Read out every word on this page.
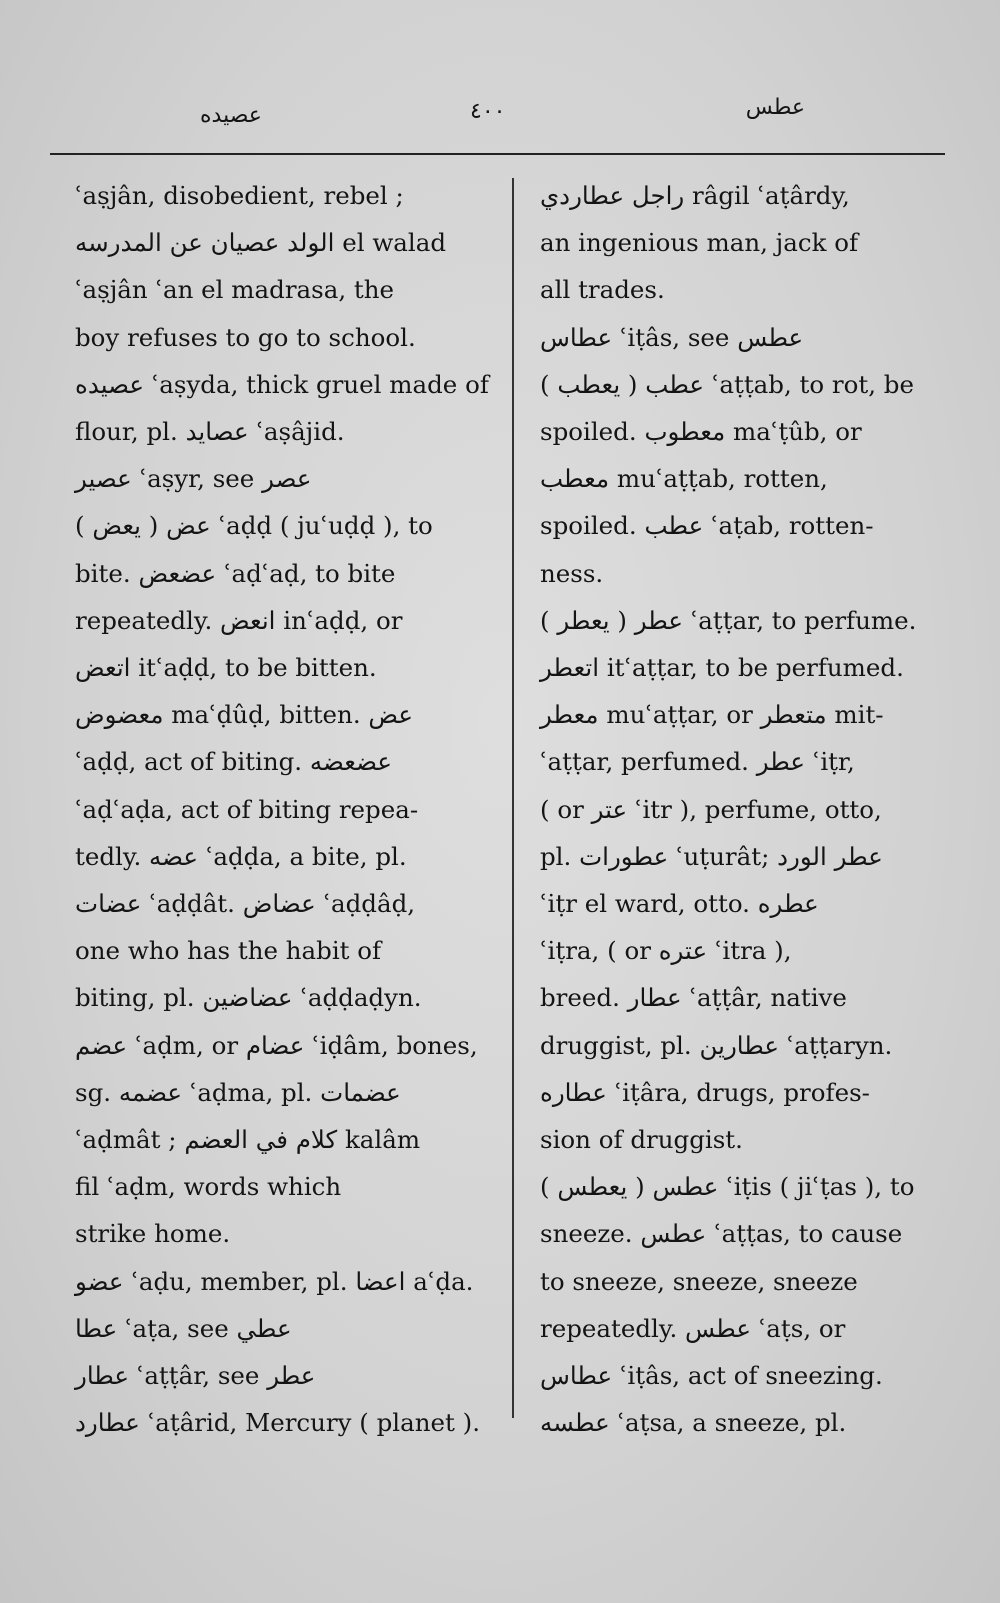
عصيده	٤٠٠	عطس
ʿaṣjân, disobedient, rebel ;
الولد عصيان عن المدرسه el walad
ʿaṣjân ʿan el madrasa, the
boy refuses to go to school.
عصيده ʿaṣyda, thick gruel made of
flour, pl. عصايد ʿaṣâjid.
عصير ʿaṣyr, see عصر
عض ( يعض ) ʿaḍḍ ( juʿuḍḍ ), to
bite. عضعض ʿaḍʿaḍ, to bite
repeatedly. انعض inʿaḍḍ, or
اتعض itʿaḍḍ, to be bitten.
معضوض maʿḍûḍ, bitten. عض
ʿaḍḍ, act of biting. عضعضه
ʿaḍʿaḍa, act of biting repea-
tedly. عضه ʿaḍḍa, a bite, pl.
عضات ʿaḍḍât. عضاض ʿaḍḍâḍ,
one who has the habit of
biting, pl. عضاضين ʿaḍḍaḍyn.
عضم ʿaḍm, or عضام ʿiḍâm, bones,
sg. عضمه ʿaḍma, pl. عضمات
ʿaḍmât ; كلام في العضم kalâm
fil ʿaḍm, words which
strike home.
عضو ʿaḍu, member, pl. اعضا aʿḍa.
عطا ʿaṭa, see عطي
عطار ʿaṭṭâr, see عطر
عطارد ʿaṭârid, Mercury ( planet ).
راجل عطاردي râgil ʿaṭârdy,
an ingenious man, jack of
all trades.
عطاس ʿiṭâs, see عطس
عطب ( يعطب ) ʿaṭṭab, to rot, be
spoiled. معطوب maʿṭûb, or
معطب muʿaṭṭab, rotten,
spoiled. عطب ʿaṭab, rotten-
ness.
عطر ( يعطر ) ʿaṭṭar, to perfume.
اتعطر itʿaṭṭar, to be perfumed.
معطر muʿaṭṭar, or متعطر mit-
ʿaṭṭar, perfumed. عطر ʿiṭr,
( or عتر ʿitr ), perfume, otto,
pl. عطورات ʿuṭurât; عطر الورد
ʿiṭr el ward, otto. عطره
ʿiṭra, ( or عتره ʿitra ),
breed. عطار ʿaṭṭâr, native
druggist, pl. عطارين ʿaṭṭaryn.
عطاره ʿiṭâra, drugs, profes-
sion of druggist.
عطس ( يعطس ) ʿiṭis ( jiʿṭas ), to
sneeze. عطس ʿaṭṭas, to cause
to sneeze, sneeze, sneeze
repeatedly. عطس ʿaṭs, or
عطاس ʿiṭâs, act of sneezing.
عطسه ʿaṭsa, a sneeze, pl.
